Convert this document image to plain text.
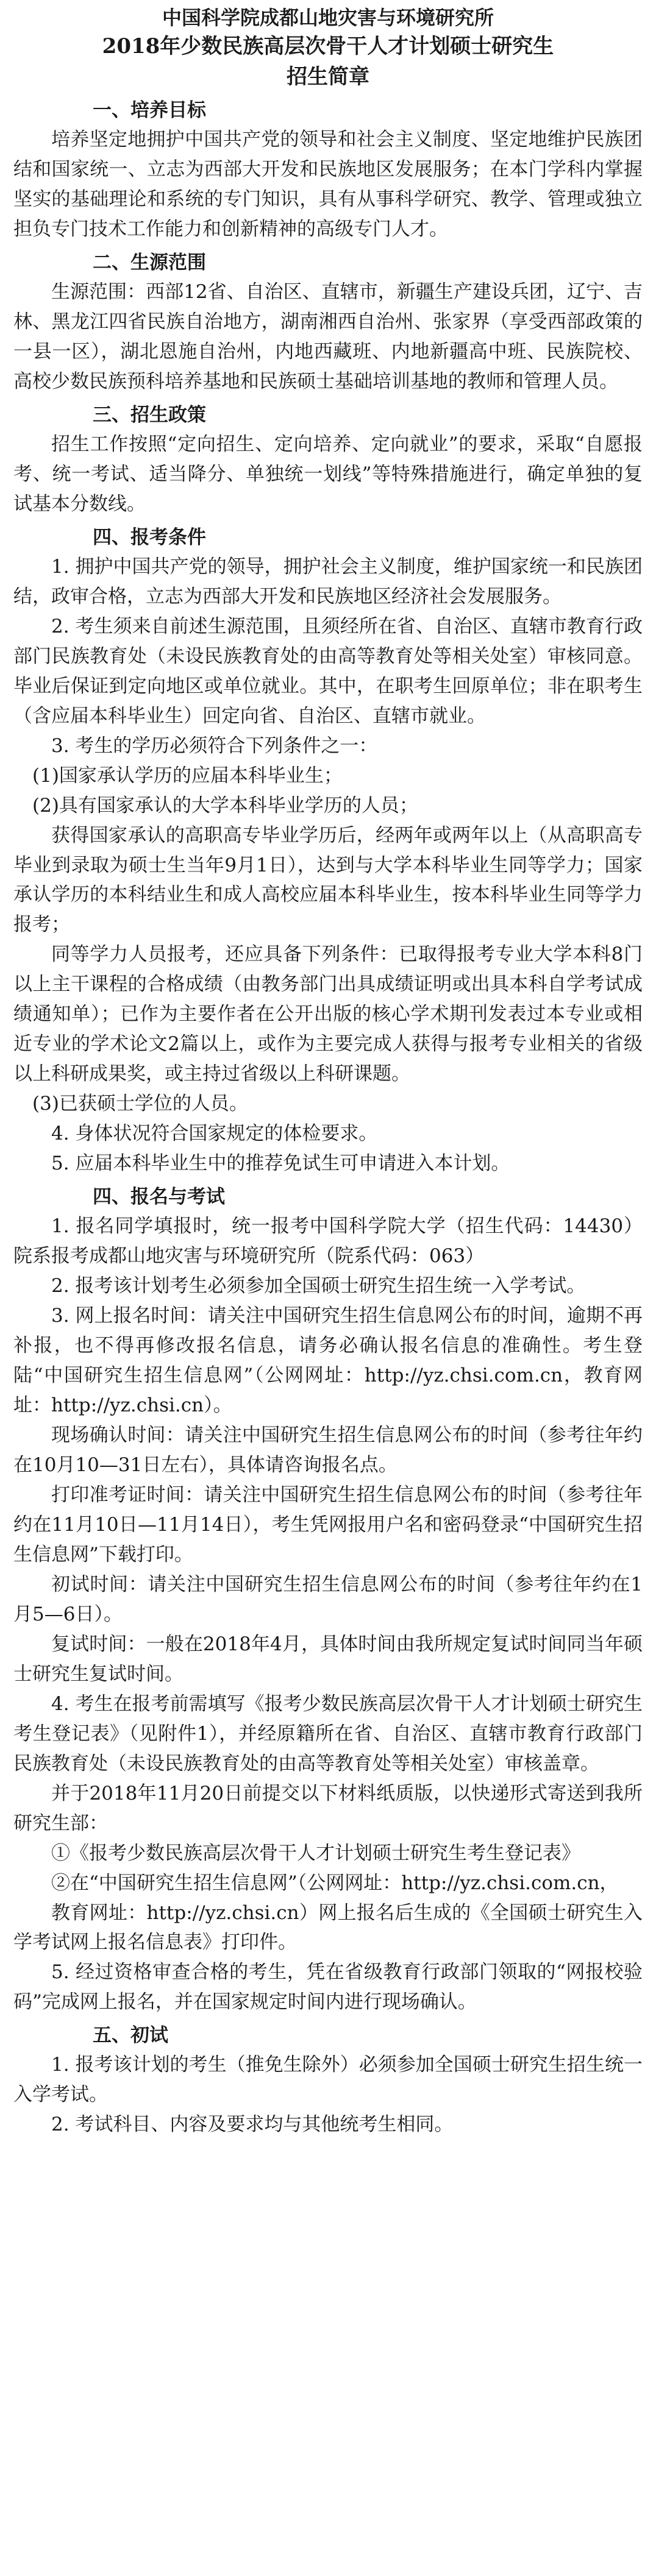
中国科学院成都山地灾害与环境研究所
2018年少数民族高层次骨干人才计划硕士研究生
招生简章
一、培养目标

培养坚定地拥护中国共产党的领导和社会主义制度、坚定地维护民族团结和国家统一、立志为西部大开发和民族地区发展服务；在本门学科内掌握坚实的基础理论和系统的专门知识，具有从事科学研究、教学、管理或独立担负专门技术工作能力和创新精神的高级专门人才。

二、生源范围

生源范围：西部12省、自治区、直辖市，新疆生产建设兵团，辽宁、吉林、黑龙江四省民族自治地方，湖南湘西自治州、张家界（享受西部政策的一县一区），湖北恩施自治州，内地西藏班、内地新疆高中班、民族院校、高校少数民族预科培养基地和民族硕士基础培训基地的教师和管理人员。

三、招生政策

招生工作按照“定向招生、定向培养、定向就业”的要求，采取“自愿报考、统一考试、适当降分、单独统一划线”等特殊措施进行，确定单独的复试基本分数线。

四、报考条件

1. 拥护中国共产党的领导，拥护社会主义制度，维护国家统一和民族团结，政审合格，立志为西部大开发和民族地区经济社会发展服务。

2. 考生须来自前述生源范围，且须经所在省、自治区、直辖市教育行政部门民族教育处（未设民族教育处的由高等教育处等相关处室）审核同意。毕业后保证到定向地区或单位就业。其中，在职考生回原单位；非在职考生（含应届本科毕业生）回定向省、自治区、直辖市就业。

3. 考生的学历必须符合下列条件之一：

(1)国家承认学历的应届本科毕业生；

(2)具有国家承认的大学本科毕业学历的人员；

获得国家承认的高职高专毕业学历后，经两年或两年以上（从高职高专毕业到录取为硕士生当年9月1日），达到与大学本科毕业生同等学力；国家承认学历的本科结业生和成人高校应届本科毕业生，按本科毕业生同等学力报考；

同等学力人员报考，还应具备下列条件：已取得报考专业大学本科8门以上主干课程的合格成绩（由教务部门出具成绩证明或出具本科自学考试成绩通知单）；已作为主要作者在公开出版的核心学术期刊发表过本专业或相近专业的学术论文2篇以上，或作为主要完成人获得与报考专业相关的省级以上科研成果奖，或主持过省级以上科研课题。

(3)已获硕士学位的人员。

4. 身体状况符合国家规定的体检要求。

5. 应届本科毕业生中的推荐免试生可申请进入本计划。

四、报名与考试

1. 报名同学填报时，统一报考中国科学院大学（招生代码：14430）院系报考成都山地灾害与环境研究所（院系代码：063）

2. 报考该计划考生必须参加全国硕士研究生招生统一入学考试。

3. 网上报名时间：请关注中国研究生招生信息网公布的时间，逾期不再补报，也不得再修改报名信息，请务必确认报名信息的准确性。考生登陆“中国研究生招生信息网”（公网网址：http://yz.chsi.com.cn，教育网址：http://yz.chsi.cn）。

现场确认时间：请关注中国研究生招生信息网公布的时间（参考往年约在10月10—31日左右），具体请咨询报名点。

打印准考证时间：请关注中国研究生招生信息网公布的时间（参考往年约在11月10日—11月14日），考生凭网报用户名和密码登录“中国研究生招生信息网”下载打印。

初试时间：请关注中国研究生招生信息网公布的时间（参考往年约在1月5—6日）。

复试时间：一般在2018年4月，具体时间由我所规定复试时间同当年硕士研究生复试时间。

4. 考生在报考前需填写《报考少数民族高层次骨干人才计划硕士研究生考生登记表》（见附件1），并经原籍所在省、自治区、直辖市教育行政部门民族教育处（未设民族教育处的由高等教育处等相关处室）审核盖章。

并于2018年11月20日前提交以下材料纸质版，以快递形式寄送到我所研究生部：

①《报考少数民族高层次骨干人才计划硕士研究生考生登记表》

②在“中国研究生招生信息网”（公网网址：http://yz.chsi.com.cn，

教育网址：http://yz.chsi.cn）网上报名后生成的《全国硕士研究生入学考试网上报名信息表》打印件。

5. 经过资格审查合格的考生，凭在省级教育行政部门领取的“网报校验码”完成网上报名，并在国家规定时间内进行现场确认。

五、初试

1. 报考该计划的考生（推免生除外）必须参加全国硕士研究生招生统一入学考试。

2. 考试科目、内容及要求均与其他统考生相同。
